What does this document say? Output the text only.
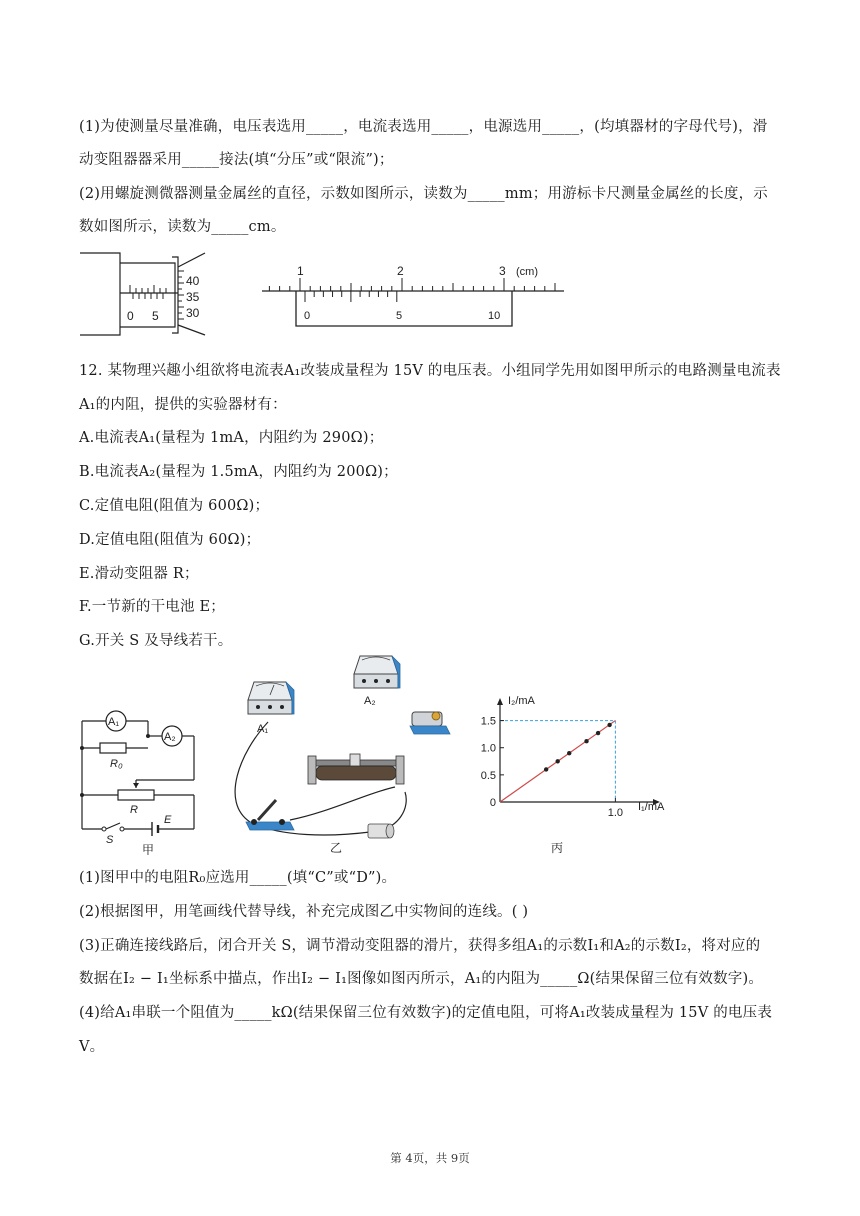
(1)为使测量尽量准确，电压表选用_____，电流表选用_____，电源选用_____，(均填器材的字母代号)，滑
动变阻器器采用_____接法(填“分压”或“限流”)；
(2)用螺旋测微器测量金属丝的直径，示数如图所示，读数为_____mm；用游标卡尺测量金属丝的长度，示
数如图所示，读数为_____cm。
0 5
40
35
30
1	2	3 (cm)
0	5	10
12. 某物理兴趣小组欲将电流表A₁改装成量程为 15V 的电压表。小组同学先用如图甲所示的电路测量电流表
A₁的内阻，提供的实验器材有：
A.电流表A₁(量程为 1mA，内阻约为 290Ω)；
B.电流表A₂(量程为 1.5mA，内阻约为 200Ω)；
C.定值电阻(阻值为 600Ω)；
D.定值电阻(阻值为 60Ω)；
E.滑动变阻器 R；
F.一节新的干电池 E；
G.开关 S 及导线若干。
A₁
A₂
R₀
R
S
E
甲
A₁
A₂
乙
1.5
1.0
0.5
0
1.0
I₂/mA
I₁/mA
丙
(1)图甲中的电阻R₀应选用_____(填“C”或“D”)。
(2)根据图甲，用笔画线代替导线，补充完成图乙中实物间的连线。( )
(3)正确连接线路后，闭合开关 S，调节滑动变阻器的滑片，获得多组A₁的示数I₁和A₂的示数I₂，将对应的
数据在I₂ − I₁坐标系中描点，作出I₂ − I₁图像如图丙所示，A₁的内阻为_____Ω(结果保留三位有效数字)。
(4)给A₁串联一个阻值为_____kΩ(结果保留三位有效数字)的定值电阻，可将A₁改装成量程为 15V 的电压表
V。
第 4页，共 9页
